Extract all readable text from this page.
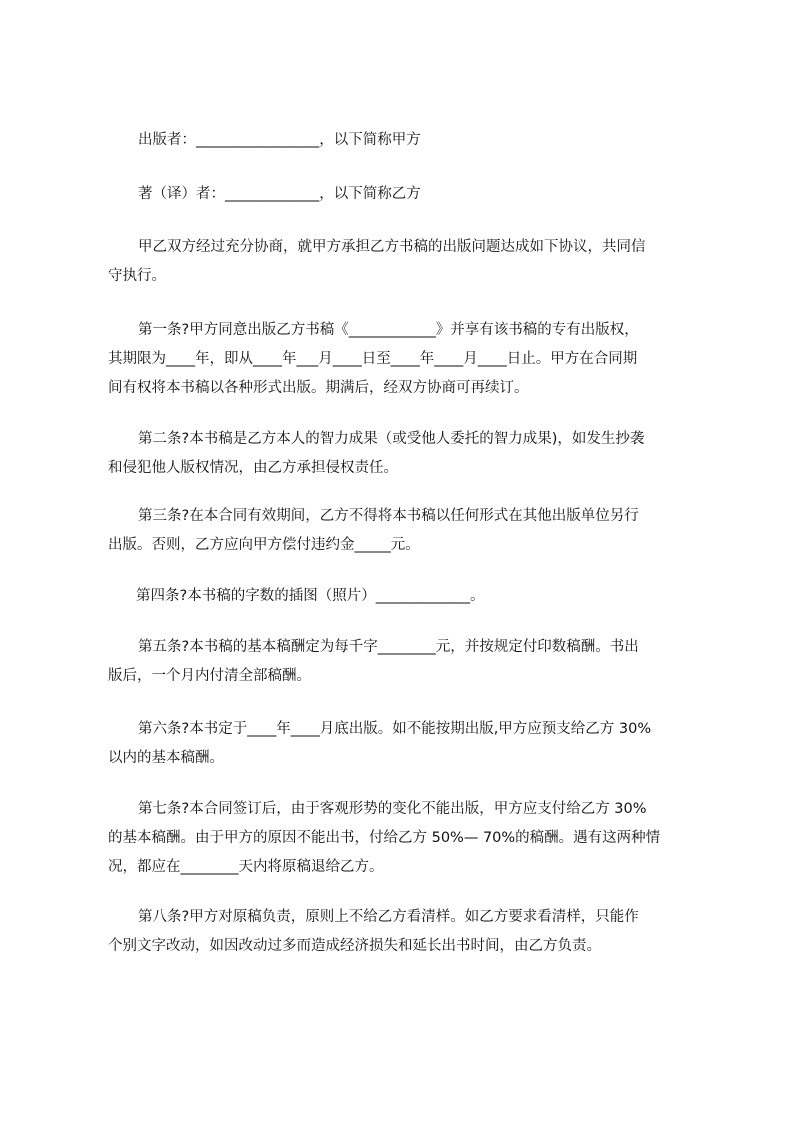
出版者：_________________，以下简称甲方
著（译）者：_____________，以下简称乙方
甲乙双方经过充分协商，就甲方承担乙方书稿的出版问题达成如下协议，共同信
守执行。
第一条?甲方同意出版乙方书稿《____________》并享有该书稿的专有出版权，
其期限为____年，即从____年___月____日至____年____月____日止。甲方在合同期
间有权将本书稿以各种形式出版。期满后，经双方协商可再续订。
第二条?本书稿是乙方本人的智力成果（或受他人委托的智力成果)，如发生抄袭
和侵犯他人版权情况，由乙方承担侵权责任。
第三条?在本合同有效期间，乙方不得将本书稿以任何形式在其他出版单位另行
出版。否则，乙方应向甲方偿付违约金_____元。
第四条?本书稿的字数的插图（照片）_____________。
第五条?本书稿的基本稿酬定为每千字________元，并按规定付印数稿酬。书出
版后，一个月内付清全部稿酬。
第六条?本书定于____年____月底出版。如不能按期出版,甲方应预支给乙方 30%
以内的基本稿酬。
第七条?本合同签订后，由于客观形势的变化不能出版，甲方应支付给乙方 30%
的基本稿酬。由于甲方的原因不能出书，付给乙方 50%— 70%的稿酬。遇有这两种情
况，都应在________天内将原稿退给乙方。
第八条?甲方对原稿负责，原则上不给乙方看清样。如乙方要求看清样，只能作
个别文字改动，如因改动过多而造成经济损失和延长出书时间，由乙方负责。
